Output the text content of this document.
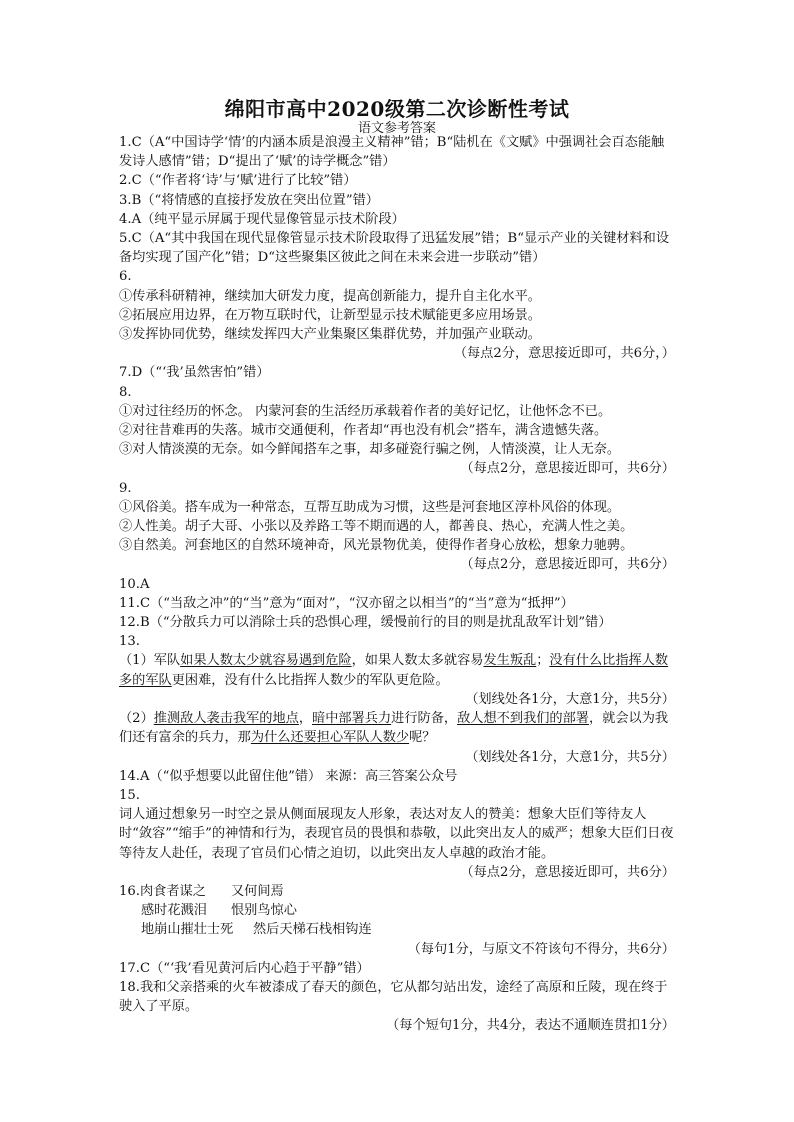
绵阳市高中2020级第二次诊断性考试
语文参考答案
1.C（A“中国诗学‘情’的内涵本质是浪漫主义精神”错；B“陆机在《文赋》中强调社会百态能触发诗人感情”错；D“提出了‘赋’的诗学概念”错）
2.C（“作者将‘诗’与‘赋’进行了比较”错）
3.B（“将情感的直接抒发放在突出位置”错）
4.A（纯平显示屏属于现代显像管显示技术阶段）
5.C（A“其中我国在现代显像管显示技术阶段取得了迅猛发展”错；B“显示产业的关键材料和设备均实现了国产化”错；D“这些聚集区彼此之间在未来会进一步联动”错）
6.
①传承科研精神，继续加大研发力度，提高创新能力，提升自主化水平。
②拓展应用边界，在万物互联时代，让新型显示技术赋能更多应用场景。
③发挥协同优势，继续发挥四大产业集聚区集群优势，并加强产业联动。
（每点2分，意思接近即可，共6分，）
7.D（“‘我’虽然害怕”错）
8.
①对过往经历的怀念。 内蒙河套的生活经历承载着作者的美好记忆，让他怀念不已。
②对往昔难再的失落。城市交通便利，作者却“再也没有机会”搭车，满含遗憾失落。
③对人情淡漠的无奈。如今鲜闻搭车之事，却多碰瓷行骗之例，人情淡漠，让人无奈。
（每点2分，意思接近即可，共6分）
9.
①风俗美。搭车成为一种常态，互帮互助成为习惯，这些是河套地区淳朴风俗的体现。
②人性美。胡子大哥、小张以及养路工等不期而遇的人，都善良、热心，充满人性之美。
③自然美。河套地区的自然环境神奇，风光景物优美，使得作者身心放松，想象力驰骋。
（每点2分，意思接近即可，共6分）
10.A
11.C（“当敌之冲”的“当”意为“面对”，“汉亦留之以相当”的“当”意为“抵押”）
12.B（“分散兵力可以消除士兵的恐惧心理，缓慢前行的目的则是扰乱敌军计划”错）
13.
（1）军队如果人数太少就容易遇到危险，如果人数太多就容易发生叛乱；没有什么比指挥人数多的军队更困难，没有什么比指挥人数少的军队更危险。
（划线处各1分，大意1分，共5分）
（2）推测敌人袭击我军的地点，暗中部署兵力进行防备，敌人想不到我们的部署，就会以为我们还有富余的兵力，那为什么还要担心军队人数少呢？
（划线处各1分，大意1分，共5分）
14.A（“似乎想要以此留住他”错） 来源：高三答案公众号
15.
词人通过想象另一时空之景从侧面展现友人形象，表达对友人的赞美：想象大臣们等待友人时“敛容”“缩手”的神情和行为，表现官员的畏惧和恭敬，以此突出友人的威严；想象大臣们日夜等待友人赴任，表现了官员们心情之迫切，以此突出友人卓越的政治才能。
（每点2分，意思接近即可，共6分）
16.肉食者谋之 又何间焉
感时花溅泪 恨别鸟惊心
地崩山摧壮士死 然后天梯石栈相钩连
（每句1分，与原文不符该句不得分，共6分）
17.C（“‘我’看见黄河后内心趋于平静”错）
18.我和父亲搭乘的火车被漆成了春天的颜色，它从都匀站出发，途经了高原和丘陵，现在终于驶入了平原。
（每个短句1分，共4分，表达不通顺连贯扣1分）
